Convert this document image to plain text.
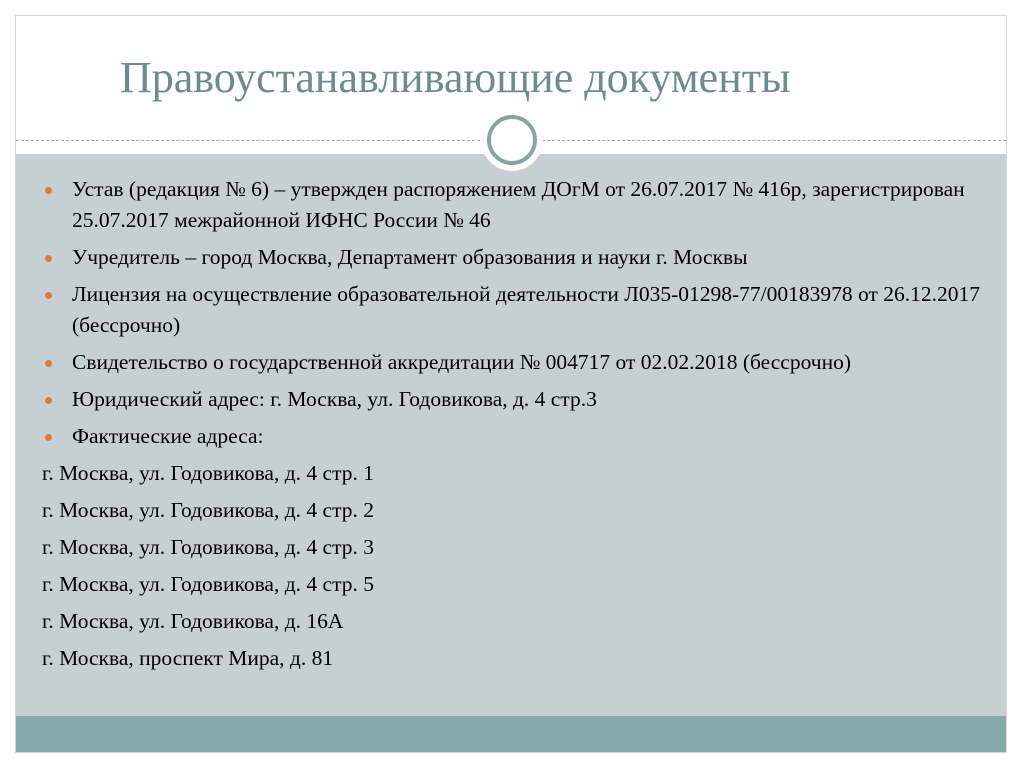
Правоустанавливающие документы
Устав (редакция № 6) – утвержден распоряжением ДОгМ от 26.07.2017 № 416р, зарегистрирован 25.07.2017 межрайонной ИФНС России № 46
Учредитель – город Москва, Департамент образования и науки г. Москвы
Лицензия на осуществление образовательной деятельности Л035-01298-77/00183978 от 26.12.2017 (бессрочно)
Свидетельство о государственной аккредитации № 004717 от 02.02.2018 (бессрочно)
Юридический адрес: г. Москва, ул. Годовикова, д. 4 стр.3
Фактические адреса:
г. Москва, ул. Годовикова, д. 4 стр. 1
г. Москва, ул. Годовикова, д. 4 стр. 2
г. Москва, ул. Годовикова, д. 4 стр. 3
г. Москва, ул. Годовикова, д. 4 стр. 5
г. Москва, ул. Годовикова, д. 16А
г. Москва, проспект Мира, д. 81
